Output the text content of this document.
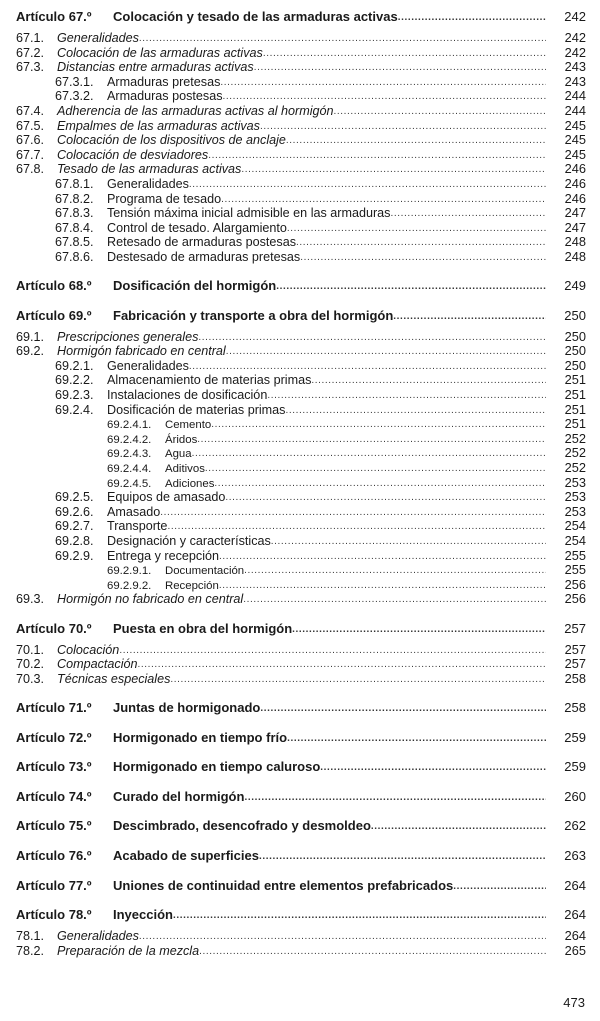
Artículo 67.º	Colocación y tesado de las armaduras activas .....	242
67.1.	Generalidades .....	242
67.2.	Colocación de las armaduras activas .....	242
67.3.	Distancias entre armaduras activas .....	243
67.3.1.	Armaduras pretesas .....	243
67.3.2.	Armaduras postesas .....	244
67.4.	Adherencia de las armaduras activas al hormigón .....	244
67.5.	Empalmes de las armaduras activas .....	245
67.6.	Colocación de los dispositivos de anclaje .....	245
67.7.	Colocación de desviadores .....	245
67.8.	Tesado de las armaduras activas .....	246
67.8.1.	Generalidades .....	246
67.8.2.	Programa de tesado .....	246
67.8.3.	Tensión máxima inicial admisible en las armaduras .....	247
67.8.4.	Control de tesado. Alargamiento .....	247
67.8.5.	Retesado de armaduras postesas .....	248
67.8.6.	Destesado de armaduras pretesas .....	248
Artículo 68.º	Dosificación del hormigón .....	249
Artículo 69.º	Fabricación y transporte a obra del hormigón .....	250
69.1.	Prescripciones generales .....	250
69.2.	Hormigón fabricado en central .....	250
69.2.1.	Generalidades .....	250
69.2.2.	Almacenamiento de materias primas .....	251
69.2.3.	Instalaciones de dosificación .....	251
69.2.4.	Dosificación de materias primas .....	251
69.2.4.1.	Cemento .....	251
69.2.4.2.	Áridos .....	252
69.2.4.3.	Agua .....	252
69.2.4.4.	Aditivos .....	252
69.2.4.5.	Adiciones .....	253
69.2.5.	Equipos de amasado .....	253
69.2.6.	Amasado .....	253
69.2.7.	Transporte .....	254
69.2.8.	Designación y características .....	254
69.2.9.	Entrega y recepción .....	255
69.2.9.1.	Documentación .....	255
69.2.9.2.	Recepción .....	256
69.3.	Hormigón no fabricado en central .....	256
Artículo 70.º	Puesta en obra del hormigón .....	257
70.1.	Colocación .....	257
70.2.	Compactación .....	257
70.3.	Técnicas especiales .....	258
Artículo 71.º	Juntas de hormigonado .....	258
Artículo 72.º	Hormigonado en tiempo frío .....	259
Artículo 73.º	Hormigonado en tiempo caluroso .....	259
Artículo 74.º	Curado del hormigón .....	260
Artículo 75.º	Descimbrado, desencofrado y desmoldeo .....	262
Artículo 76.º	Acabado de superficies .....	263
Artículo 77.º	Uniones de continuidad entre elementos prefabricados .....	264
Artículo 78.º	Inyección .....	264
78.1.	Generalidades .....	264
78.2.	Preparación de la mezcla .....	265
473
